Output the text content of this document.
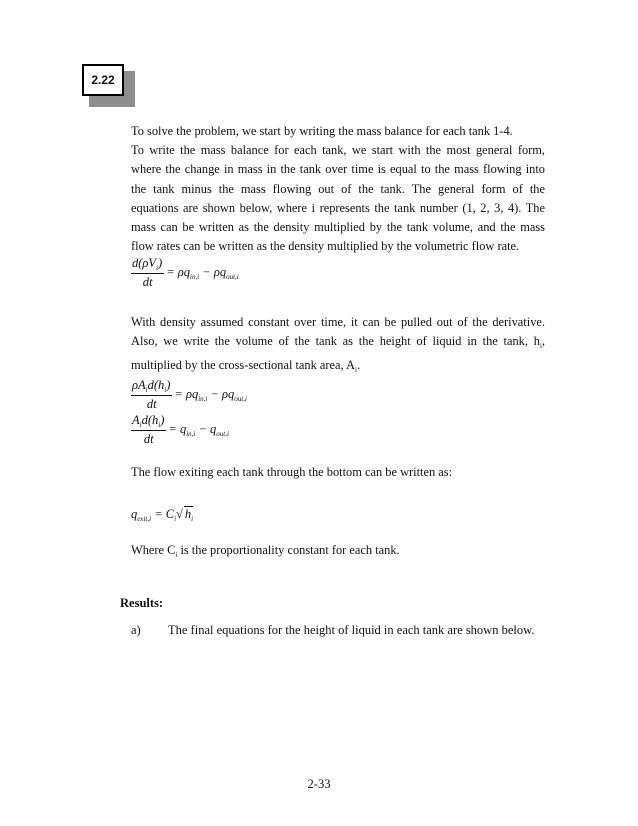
2.22

To solve the problem, we start by writing the mass balance for each tank 1-4.
To write the mass balance for each tank, we start with the most general form,
where the change in mass in the tank over time is equal to the mass flowing into
the tank minus the mass flowing out of the tank. The general form of the
equations are shown below, where i represents the tank number (1, 2, 3, 4). The
mass can be written as the density multiplied by the tank volume, and the mass
flow rates can be written as the density multiplied by the volumetric flow rate.

$\frac{d(\rho V_i)}{dt} = \rho q_{in,i} - \rho q_{out,i}$

With density assumed constant over time, it can be pulled out of the derivative.
Also, we write the volume of the tank as the height of liquid in the tank, $h_i$,
multiplied by the cross-sectional tank area, $A_i$.

$\frac{\rho A_id(h_i)}{dt} = \rho q_{in,i} - \rho q_{out,i}$
$\frac{A_id(h_i)}{dt} = q_{in,i} - q_{out,i}$

The flow exiting each tank through the bottom can be written as:

$q_{exit,i} = C_i√$ $h_i$

Where $C_i$ is the proportionality constant for each tank.

Results:
a) The final equations for the height of liquid in each tank are shown below.
2-33
